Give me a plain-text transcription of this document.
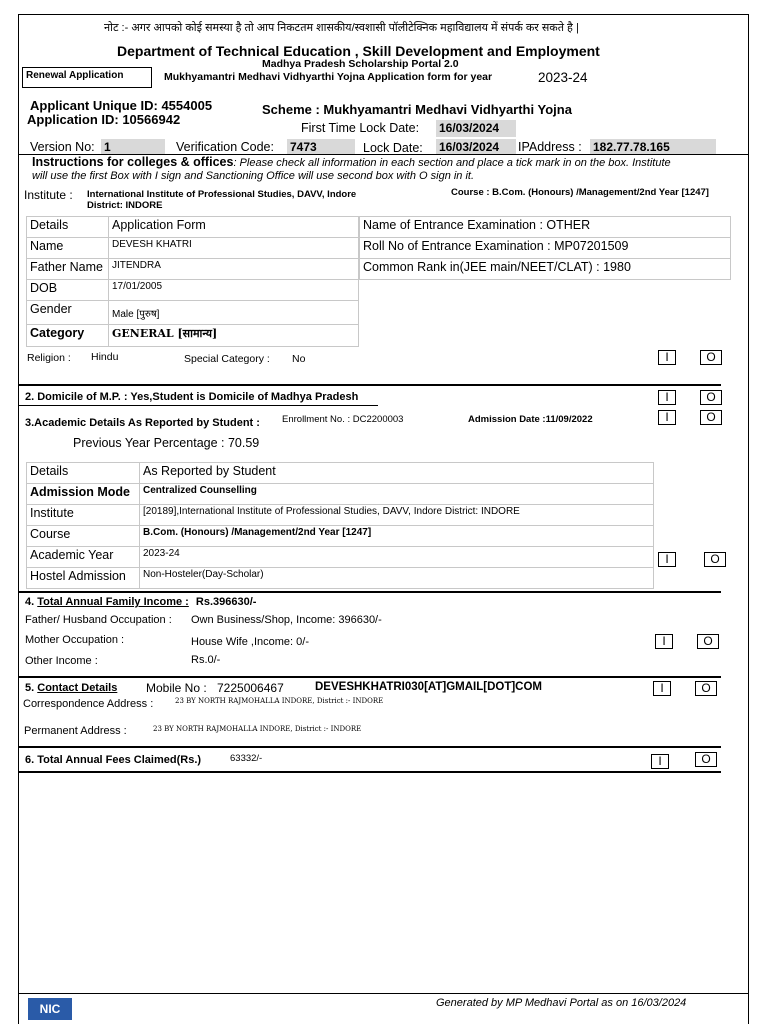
नोट :- अगर आपको कोई समस्या है तो आप निकटतम शासकीय/स्वशासी पॉलीटेक्निक महाविद्यालय में संपर्क कर सकते है |
Department of Technical Education , Skill Development and Employment
Madhya Pradesh Scholarship Portal 2.0
Renewal Application	Mukhyamantri Medhavi Vidhyarthi Yojna Application form for year	2023-24
Applicant Unique ID: 4554005
Application ID: 10566942
Scheme : Mukhyamantri Medhavi Vidhyarthi Yojna
First Time Lock Date: 16/03/2024
Version No: 1	Verification Code: 7473	Lock Date: 16/03/2024	IPAddress : 182.77.78.165
Instructions for colleges & offices: Please check all information in each section and place a tick mark in on the box. Institute
will use the first Box with I sign and Sanctioning Office will use second box with O sign in it.
Institute : International Institute of Professional Studies, DAVV, Indore
District: INDORE
Course : B.Com. (Honours) /Management/2nd Year [1247]
Details	Application Form
Name	DEVESH KHATRI
Father Name	JITENDRA
DOB	17/01/2005
Gender	Male [पुरुष]
Category	GENERAL [सामान्य]
Name of Entrance Examination : OTHER
Roll No of Entrance Examination : MP07201509
Common Rank in(JEE main/NEET/CLAT) : 1980
Religion : Hindu	Special Category : No	I	O
2. Domicile of M.P. : Yes,Student is Domicile of Madhya Pradesh	I	O
3.Academic Details As Reported by Student : Enrollment No. : DC2200003	Admission Date :11/09/2022	I	O
Previous Year Percentage : 70.59
Details	As Reported by Student
Admission Mode	Centralized Counselling
Institute	[20189],International Institute of Professional Studies, DAVV, Indore District: INDORE
Course	B.Com. (Honours) /Management/2nd Year [1247]
Academic Year	2023-24
Hostel Admission	Non-Hosteler(Day-Scholar)
I	O
4. Total Annual Family Income : Rs.396630/-
Father/ Husband Occupation : Own Business/Shop, Income: 396630/-
Mother Occupation :	House Wife ,Income: 0/-	I	O
Other Income :	Rs.0/-
5. Contact Details Mobile No : 7225006467	DEVESHKHATRI030[AT]GMAIL[DOT]COM	I	O
Correspondence Address :	23 BY NORTH RAJMOHALLA INDORE, District :- INDORE
Permanent Address :	23 BY NORTH RAJMOHALLA INDORE, District :- INDORE
6. Total Annual Fees Claimed(Rs.)	63332/-	I	O
NIC	Generated by MP Medhavi Portal as on 16/03/2024
